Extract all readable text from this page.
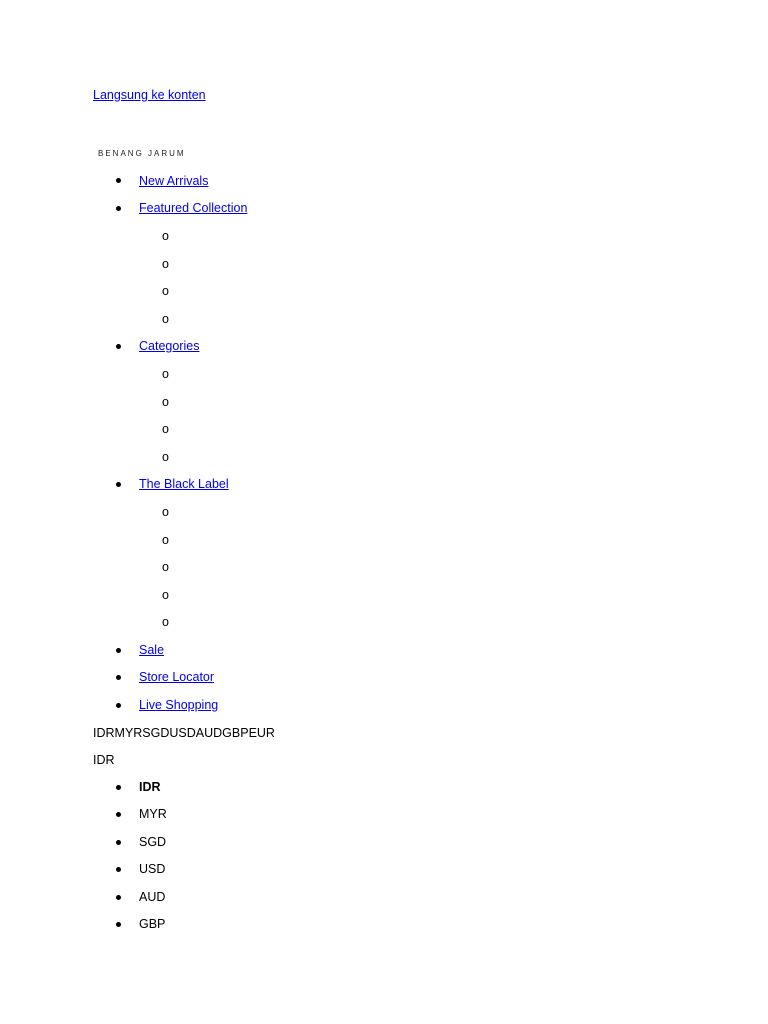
Langsung ke konten
BENANG JARUM
New Arrivals
Featured Collection
o
o
o
o
Categories
o
o
o
o
The Black Label
o
o
o
o
o
Sale
Store Locator
Live Shopping
IDRMYRSGDUSDAUDGBPEUR
IDR
IDR
MYR
SGD
USD
AUD
GBP
